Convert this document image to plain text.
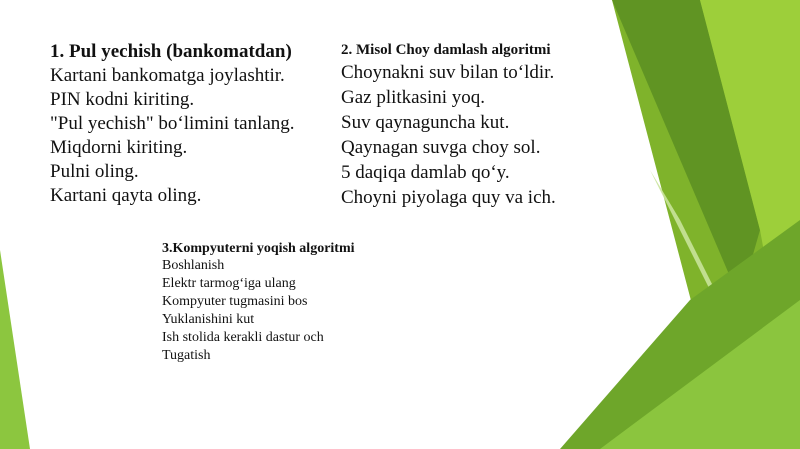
1. Pul yechish (bankomatdan)
Kartani bankomatga joylashtir.
PIN kodni kiriting.
"Pul yechish" bo‘limini tanlang.
Miqdorni kiriting.
Pulni oling.
Kartani qayta oling.
2. Misol Choy damlash algoritmi
Choynakni suv bilan to‘ldir.
Gaz plitkasini yoq.
Suv qaynaguncha kut.
Qaynagan suvga choy sol.
5 daqiqa damlab qo‘y.
Choyni piyolaga quy va ich.
3.Kompyuterni yoqish algoritmi
Boshlanish
Elektr tarmog‘iga ulang
Kompyuter tugmasini bos
Yuklanishini kut
Ish stolida kerakli dastur och
Tugatish
